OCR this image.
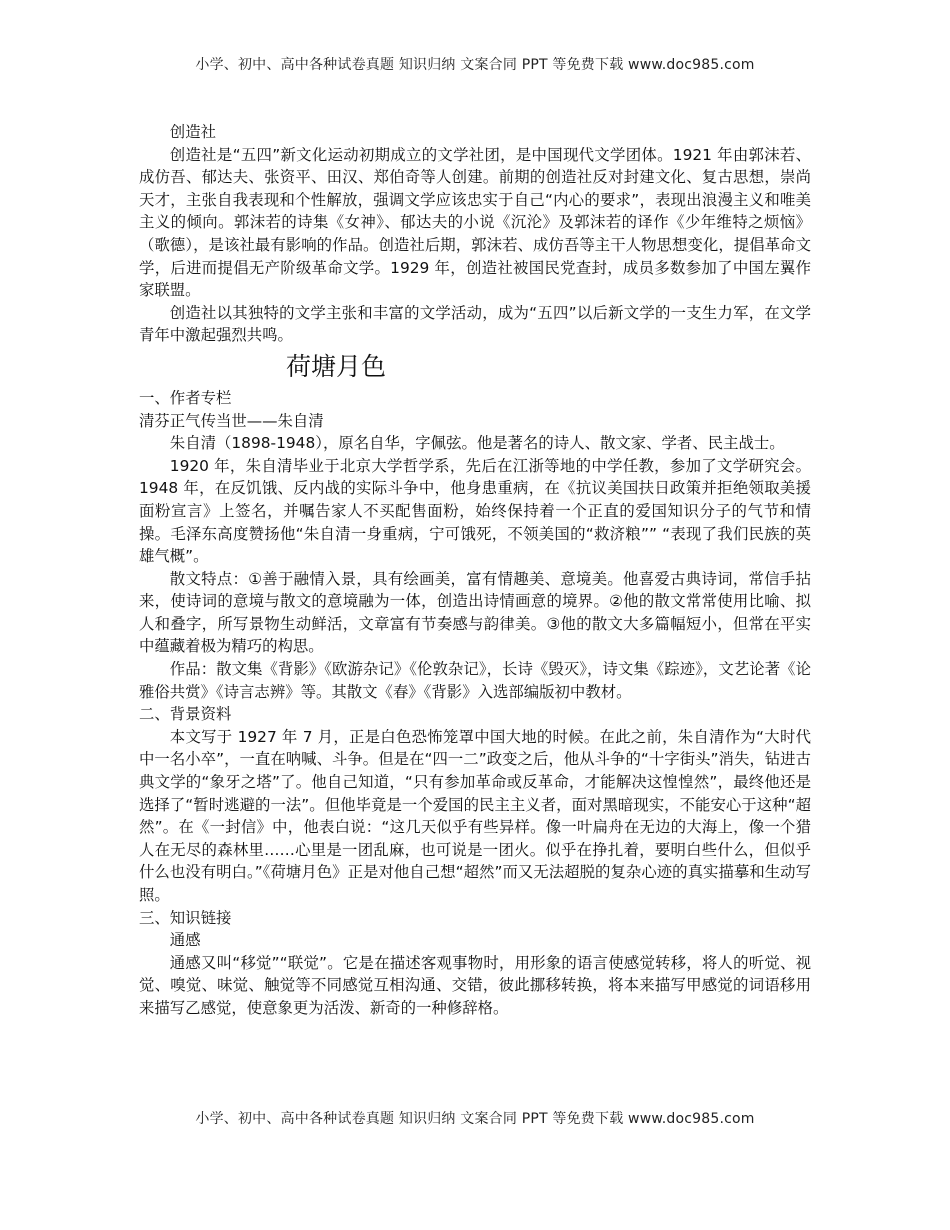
小学、初中、高中各种试卷真题 知识归纳 文案合同 PPT 等免费下载 www.doc985.com

创造社

创造社是“五四”新文化运动初期成立的文学社团，是中国现代文学团体。1921 年由郭沫若、成仿吾、郁达夫、张资平、田汉、郑伯奇等人创建。前期的创造社反对封建文化、复古思想，崇尚天才，主张自我表现和个性解放，强调文学应该忠实于自己“内心的要求”，表现出浪漫主义和唯美主义的倾向。郭沫若的诗集《女神》、郁达夫的小说《沉沦》及郭沫若的译作《少年维特之烦恼》（歌德），是该社最有影响的作品。创造社后期，郭沫若、成仿吾等主干人物思想变化，提倡革命文学，后进而提倡无产阶级革命文学。1929 年，创造社被国民党查封，成员多数参加了中国左翼作家联盟。

创造社以其独特的文学主张和丰富的文学活动，成为“五四”以后新文学的一支生力军，在文学青年中激起强烈共鸣。

荷塘月色

一、作者专栏

清芬正气传当世——朱自清

朱自清（1898-1948），原名自华，字佩弦。他是著名的诗人、散文家、学者、民主战士。

1920 年，朱自清毕业于北京大学哲学系，先后在江浙等地的中学任教，参加了文学研究会。1948 年，在反饥饿、反内战的实际斗争中，他身患重病，在《抗议美国扶日政策并拒绝领取美援面粉宣言》上签名，并嘱告家人不买配售面粉，始终保持着一个正直的爱国知识分子的气节和情操。毛泽东高度赞扬他“朱自清一身重病，宁可饿死，不领美国的“救济粮”” “表现了我们民族的英雄气概”。

散文特点：①善于融情入景，具有绘画美，富有情趣美、意境美。他喜爱古典诗词，常信手拈来，使诗词的意境与散文的意境融为一体，创造出诗情画意的境界。②他的散文常常使用比喻、拟人和叠字，所写景物生动鲜活，文章富有节奏感与韵律美。③他的散文大多篇幅短小，但常在平实中蕴藏着极为精巧的构思。

作品：散文集《背影》《欧游杂记》《伦敦杂记》，长诗《毁灭》，诗文集《踪迹》，文艺论著《论雅俗共赏》《诗言志辨》等。其散文《春》《背影》入选部编版初中教材。

二、背景资料

本文写于 1927 年 7 月，正是白色恐怖笼罩中国大地的时候。在此之前，朱自清作为“大时代中一名小卒”，一直在呐喊、斗争。但是在“四一二”政变之后，他从斗争的“十字街头”消失，钻进古典文学的“象牙之塔”了。他自己知道，“只有参加革命或反革命，才能解决这惶惶然”，最终他还是选择了“暂时逃避的一法”。但他毕竟是一个爱国的民主主义者，面对黑暗现实，不能安心于这种“超然”。在《一封信》中，他表白说：“这几天似乎有些异样。像一叶扁舟在无边的大海上，像一个猎人在无尽的森林里……心里是一团乱麻，也可说是一团火。似乎在挣扎着，要明白些什么，但似乎什么也没有明白。”《荷塘月色》正是对他自己想“超然”而又无法超脱的复杂心迹的真实描摹和生动写照。

三、知识链接

通感

通感又叫“移觉”“联觉”。它是在描述客观事物时，用形象的语言使感觉转移，将人的听觉、视觉、嗅觉、味觉、触觉等不同感觉互相沟通、交错，彼此挪移转换，将本来描写甲感觉的词语移用来描写乙感觉，使意象更为活泼、新奇的一种修辞格。

小学、初中、高中各种试卷真题 知识归纳 文案合同 PPT 等免费下载 www.doc985.com
